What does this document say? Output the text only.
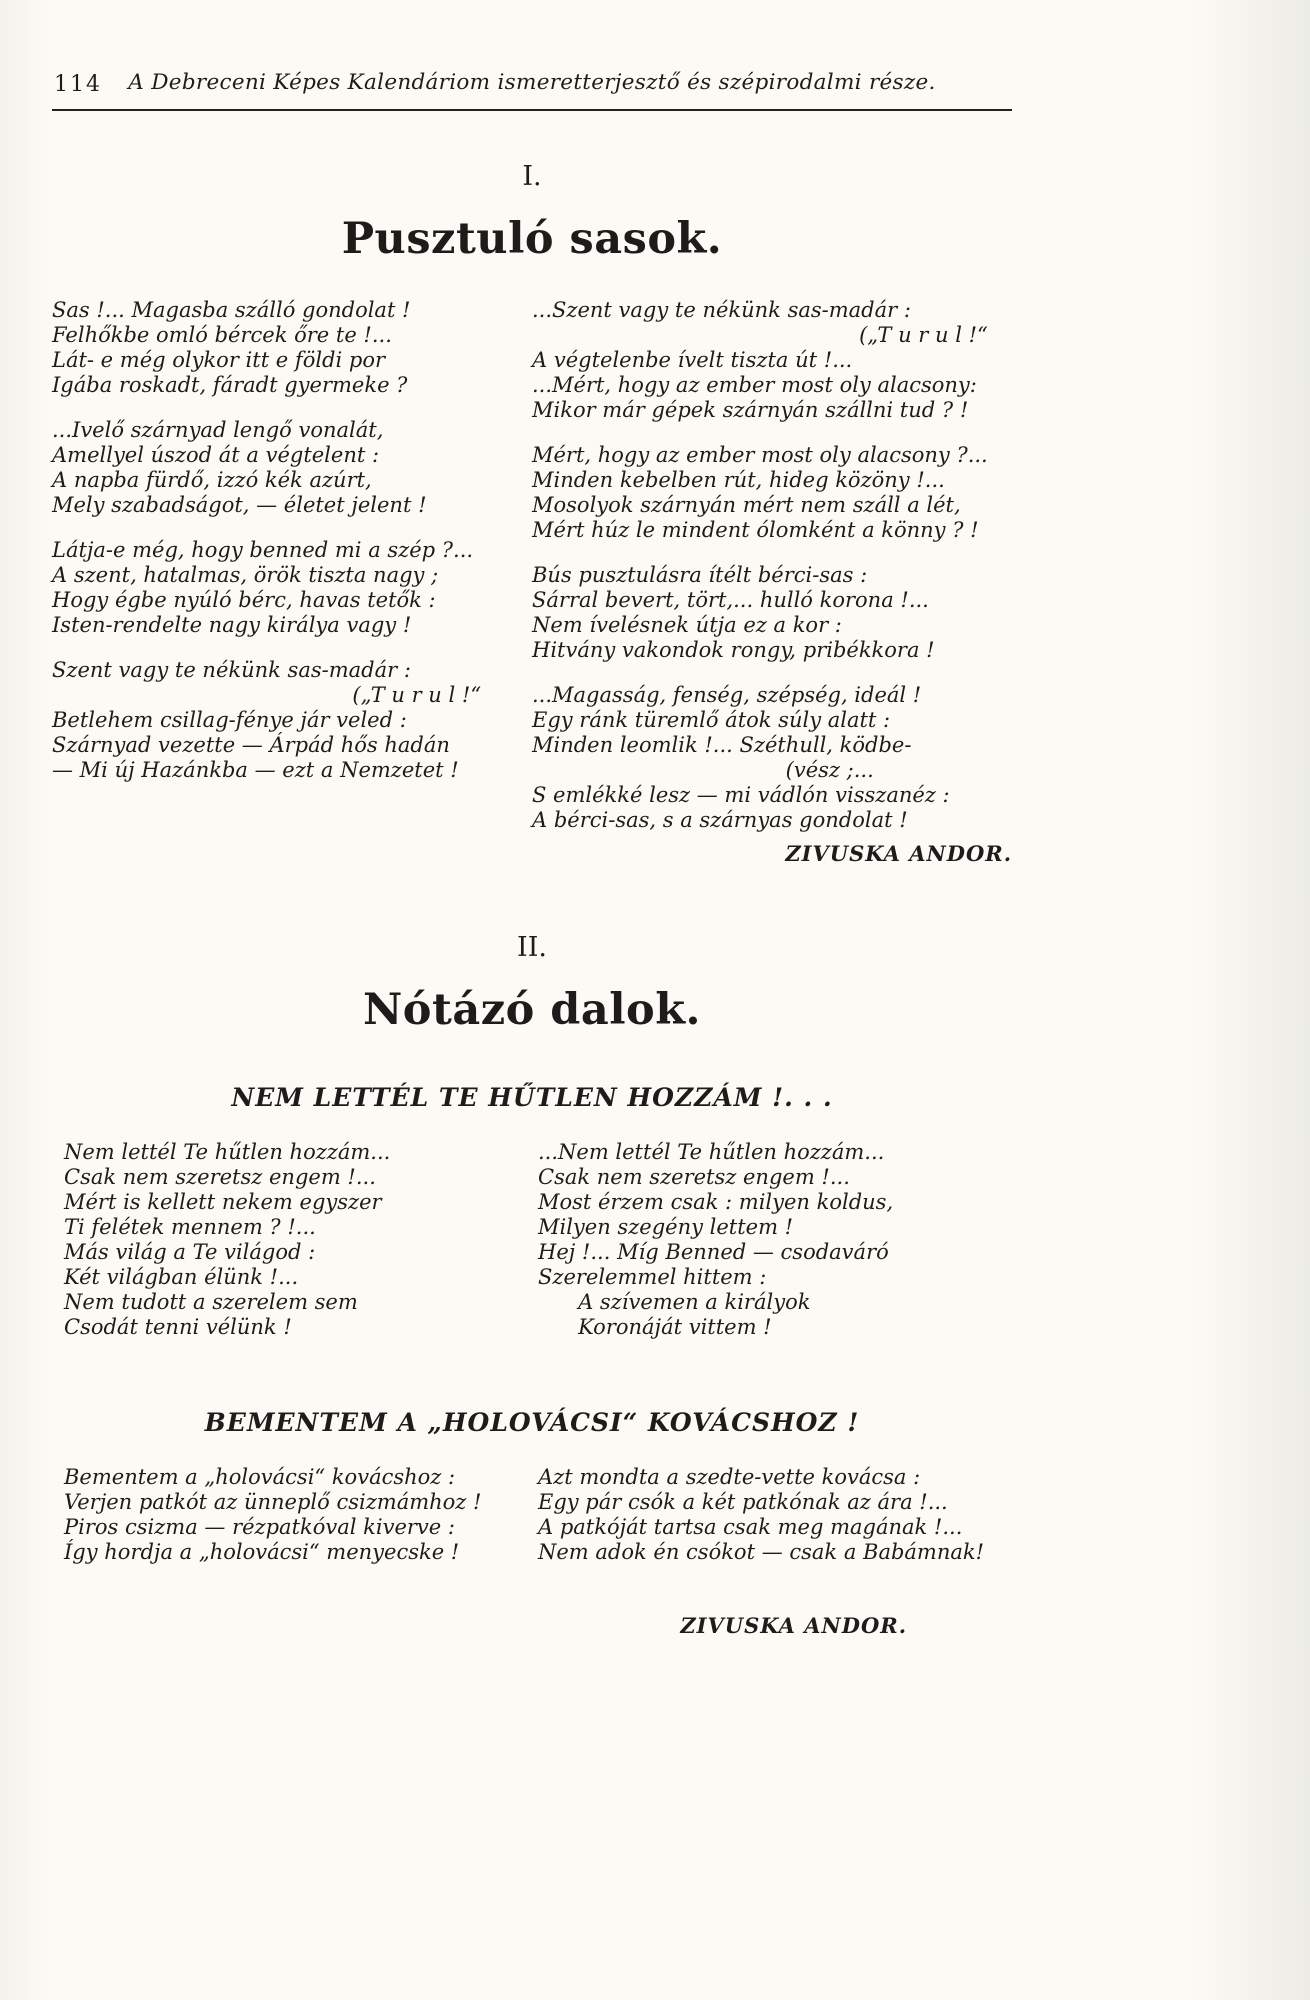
114	A Debreceni Képes Kalendáriom ismeretterjesztő és szépirodalmi része.
I.
Pusztuló sasok.
Sas !... Magasba szálló gondolat !
Felhőkbe omló bércek őre te !...
Lát- e még olykor itt e földi por
Igába roskadt, fáradt gyermeke ?
...Ivelő szárnyad lengő vonalát,
Amellyel úszod át a végtelent :
A napba fürdő, izzó kék azúrt,
Mely szabadságot, — életet jelent !
Látja-e még, hogy benned mi a szép ?...
A szent, hatalmas, örök tiszta nagy ;
Hogy égbe nyúló bérc, havas tetők :
Isten-rendelte nagy királya vagy !
Szent vagy te nékünk sas-madár :
(„T u r u l !“
Betlehem csillag-fénye jár veled :
Szárnyad vezette — Árpád hős hadán
— Mi új Hazánkba — ezt a Nemzetet !
...Szent vagy te nékünk sas-madár :
(„T u r u l !“
A végtelenbe ívelt tiszta út !...
...Mért, hogy az ember most oly alacsony:
Mikor már gépek szárnyán szállni tud ? !
Mért, hogy az ember most oly alacsony ?...
Minden kebelben rút, hideg közöny !...
Mosolyok szárnyán mért nem száll a lét,
Mért húz le mindent ólomként a könny ? !
Bús pusztulásra ítélt bérci-sas :
Sárral bevert, tört,... hulló korona !...
Nem ívelésnek útja ez a kor :
Hitvány vakondok rongy, pribékkora !
...Magasság, fenség, szépség, ideál !
Egy ránk türemlő átok súly alatt :
Minden leomlik !... Széthull, ködbe-
(vész ;...
S emlékké lesz — mi vádlón visszanéz :
A bérci-sas, s a szárnyas gondolat !
ZIVUSKA ANDOR.
II.
Nótázó dalok.
NEM LETTÉL TE HŰTLEN HOZZÁM !. . .
Nem lettél Te hűtlen hozzám...
Csak nem szeretsz engem !...
Mért is kellett nekem egyszer
Ti felétek mennem ? !...
Más világ a Te világod :
Két világban élünk !...
Nem tudott a szerelem sem
Csodát tenni vélünk !
...Nem lettél Te hűtlen hozzám...
Csak nem szeretsz engem !...
Most érzem csak : milyen koldus,
Milyen szegény lettem !
Hej !... Míg Benned — csodaváró
Szerelemmel hittem :
A szívemen a királyok
Koronáját vittem !
BEMENTEM A „HOLOVÁCSI“ KOVÁCSHOZ !
Bementem a „holovácsi“ kovácshoz :
Verjen patkót az ünneplő csizmámhoz !
Piros csizma — rézpatkóval kiverve :
Így hordja a „holovácsi“ menyecske !
Azt mondta a szedte-vette kovácsa :
Egy pár csók a két patkónak az ára !...
A patkóját tartsa csak meg magának !...
Nem adok én csókot — csak a Babámnak!
ZIVUSKA ANDOR.
